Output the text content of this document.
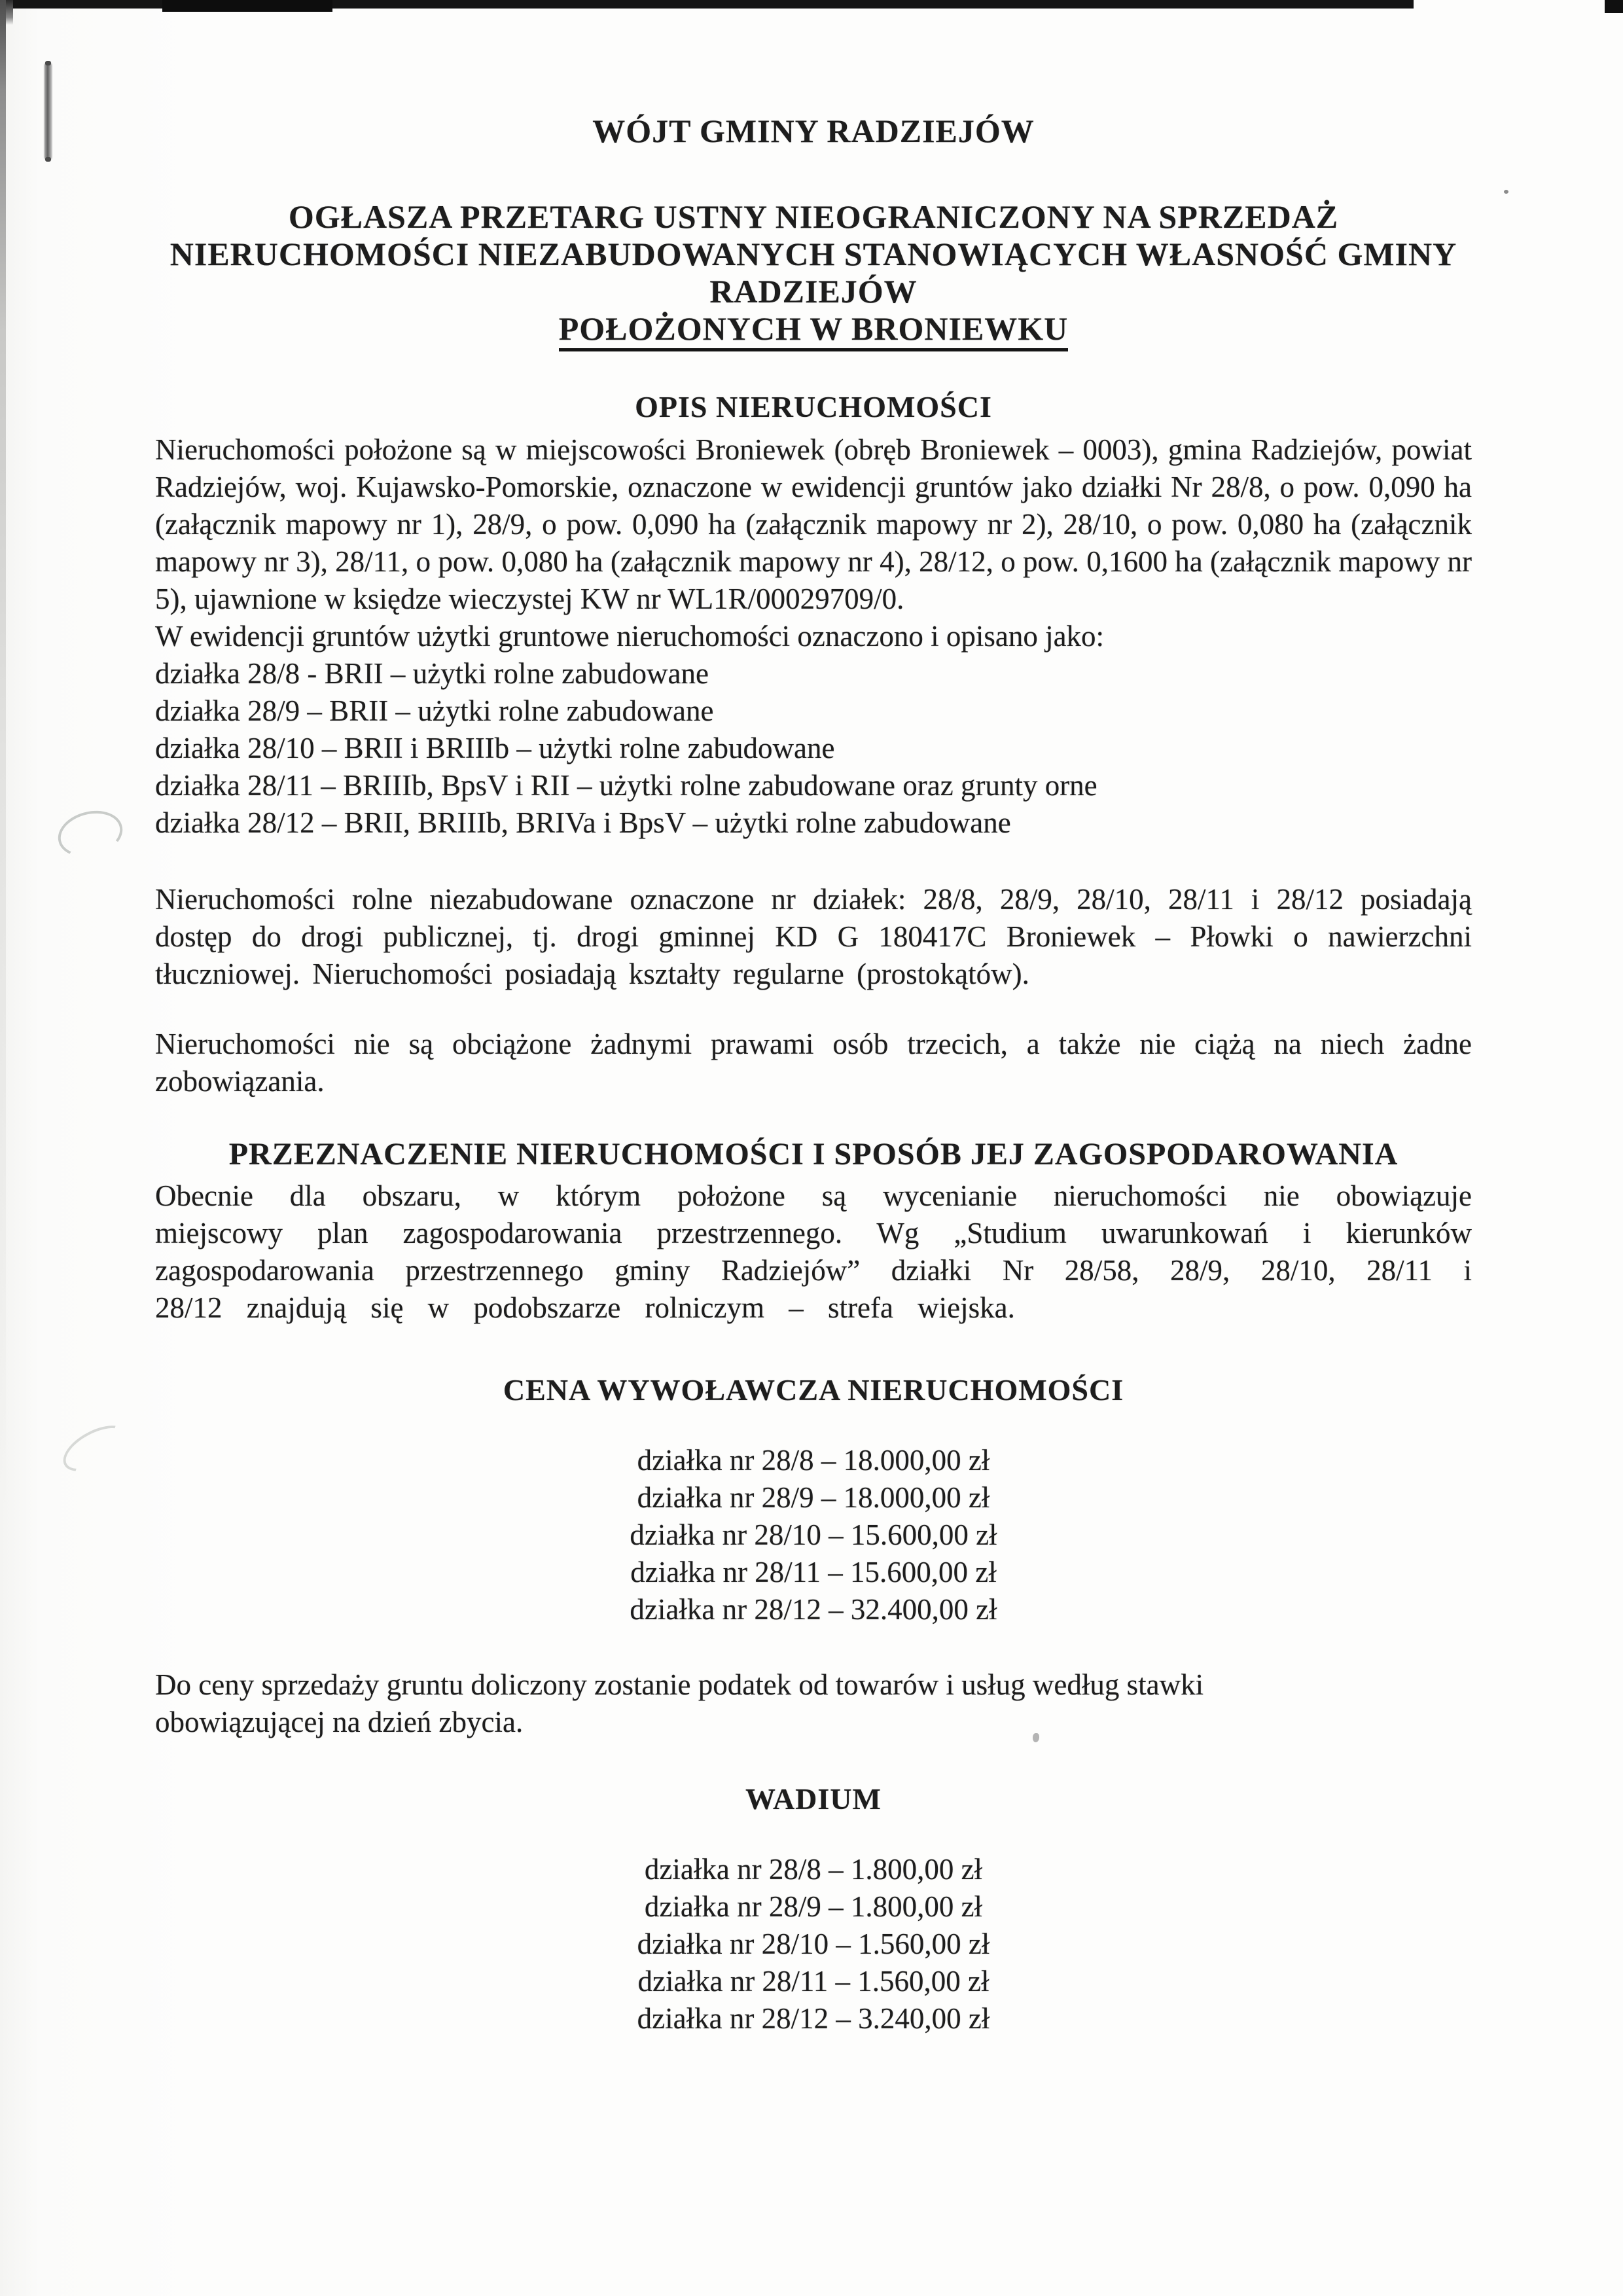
WÓJT GMINY RADZIEJÓW
OGŁASZA PRZETARG USTNY NIEOGRANICZONY NA SPRZEDAŻ
NIERUCHOMOŚCI NIEZABUDOWANYCH STANOWIĄCYCH WŁASNOŚĆ GMINY
RADZIEJÓW
POŁOŻONYCH W BRONIEWKU
OPIS NIERUCHOMOŚCI

Nieruchomości położone są w miejscowości Broniewek (obręb Broniewek – 0003), gmina Radziejów, powiat Radziejów, woj. Kujawsko-Pomorskie, oznaczone w ewidencji gruntów jako działki Nr 28/8, o pow. 0,090 ha (załącznik mapowy nr 1), 28/9, o pow. 0,090 ha (załącznik mapowy nr 2), 28/10, o pow. 0,080 ha (załącznik mapowy nr 3), 28/11, o pow. 0,080 ha (załącznik mapowy nr 4), 28/12, o pow. 0,1600 ha (załącznik mapowy nr 5), ujawnione w księdze wieczystej KW nr WL1R/00029709/0.

W ewidencji gruntów użytki gruntowe nieruchomości oznaczono i opisano jako:
działka 28/8 - BRII – użytki rolne zabudowane
działka 28/9 – BRII – użytki rolne zabudowane
działka 28/10 – BRII i BRIIIb – użytki rolne zabudowane
działka 28/11 – BRIIIb, BpsV i RII – użytki rolne zabudowane oraz grunty orne
działka 28/12 – BRII, BRIIIb, BRIVa i BpsV – użytki rolne zabudowane

Nieruchomości rolne niezabudowane oznaczone nr działek: 28/8, 28/9, 28/10, 28/11 i 28/12 posiadają dostęp do drogi publicznej, tj. drogi gminnej KD G 180417C Broniewek – Płowki o nawierzchni tłuczniowej. Nieruchomości posiadają kształty regularne (prostokątów).

Nieruchomości nie są obciążone żadnymi prawami osób trzecich, a także nie ciążą na niech żadne zobowiązania.

PRZEZNACZENIE NIERUCHOMOŚCI I SPOSÓB JEJ ZAGOSPODAROWANIA

Obecnie dla obszaru, w którym położone są wycenianie nieruchomości nie obowiązuje miejscowy plan zagospodarowania przestrzennego. Wg „Studium uwarunkowań i kierunków zagospodarowania przestrzennego gminy Radziejów” działki Nr 28/58, 28/9, 28/10, 28/11 i 28/12 znajdują się w podobszarze rolniczym – strefa wiejska.

CENA WYWOŁAWCZA NIERUCHOMOŚCI
działka nr 28/8 – 18.000,00 zł
działka nr 28/9 – 18.000,00 zł
działka nr 28/10 – 15.600,00 zł
działka nr 28/11 – 15.600,00 zł
działka nr 28/12 – 32.400,00 zł

Do ceny sprzedaży gruntu doliczony zostanie podatek od towarów i usług według stawki obowiązującej na dzień zbycia.

WADIUM
działka nr 28/8 – 1.800,00 zł
działka nr 28/9 – 1.800,00 zł
działka nr 28/10 – 1.560,00 zł
działka nr 28/11 – 1.560,00 zł
działka nr 28/12 – 3.240,00 zł
